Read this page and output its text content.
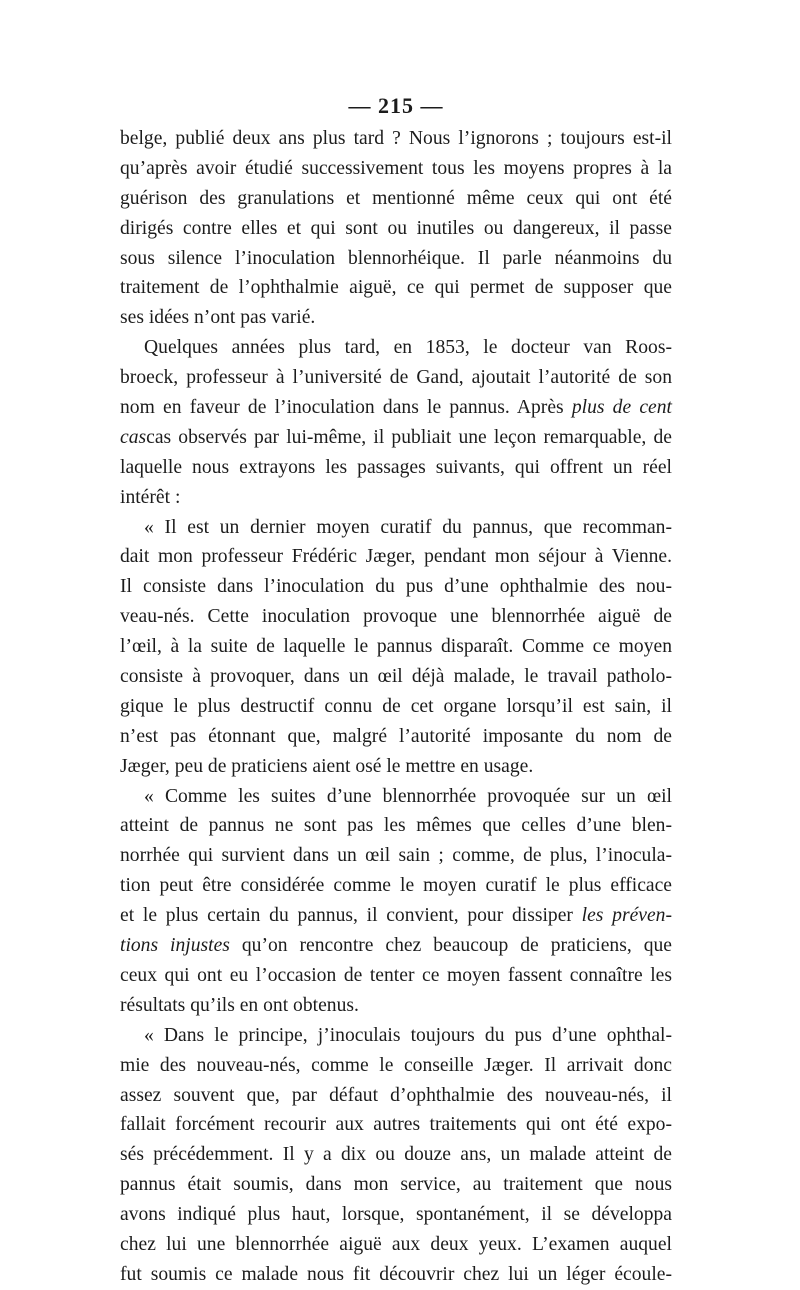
— 215 —
belge, publié deux ans plus tard ? Nous l’ignorons ; toujours est-il
qu’après avoir étudié successivement tous les moyens propres à la
guérison des granulations et mentionné même ceux qui ont été
dirigés contre elles et qui sont ou inutiles ou dangereux, il passe
sous silence l’inoculation blennorhéique. Il parle néanmoins du
traitement de l’ophthalmie aiguë, ce qui permet de supposer que
ses idées n’ont pas varié.
Quelques années plus tard, en 1853, le docteur van Roos-
broeck, professeur à l’université de Gand, ajoutait l’autorité de son
nom en faveur de l’inoculation dans le pannus. Après plus de cent
cascas observés par lui-même, il publiait une leçon remarquable, de
laquelle nous extrayons les passages suivants, qui offrent un réel
intérêt :
« Il est un dernier moyen curatif du pannus, que recomman-
dait mon professeur Frédéric Jæger, pendant mon séjour à Vienne.
Il consiste dans l’inoculation du pus d’une ophthalmie des nou-
veau-nés. Cette inoculation provoque une blennorrhée aiguë de
l’œil, à la suite de laquelle le pannus disparaît. Comme ce moyen
consiste à provoquer, dans un œil déjà malade, le travail patholo-
gique le plus destructif connu de cet organe lorsqu’il est sain, il
n’est pas étonnant que, malgré l’autorité imposante du nom de
Jæger, peu de praticiens aient osé le mettre en usage.
« Comme les suites d’une blennorrhée provoquée sur un œil
atteint de pannus ne sont pas les mêmes que celles d’une blen-
norrhée qui survient dans un œil sain ; comme, de plus, l’inocula-
tion peut être considérée comme le moyen curatif le plus efficace
et le plus certain du pannus, il convient, pour dissiper les préven-
tions injustes qu’on rencontre chez beaucoup de praticiens, que
ceux qui ont eu l’occasion de tenter ce moyen fassent connaître les
résultats qu’ils en ont obtenus.
« Dans le principe, j’inoculais toujours du pus d’une ophthal-
mie des nouveau-nés, comme le conseille Jæger. Il arrivait donc
assez souvent que, par défaut d’ophthalmie des nouveau-nés, il
fallait forcément recourir aux autres traitements qui ont été expo-
sés précédemment. Il y a dix ou douze ans, un malade atteint de
pannus était soumis, dans mon service, au traitement que nous
avons indiqué plus haut, lorsque, spontanément, il se développa
chez lui une blennorrhée aiguë aux deux yeux. L’examen auquel
fut soumis ce malade nous fit découvrir chez lui un léger écoule-
